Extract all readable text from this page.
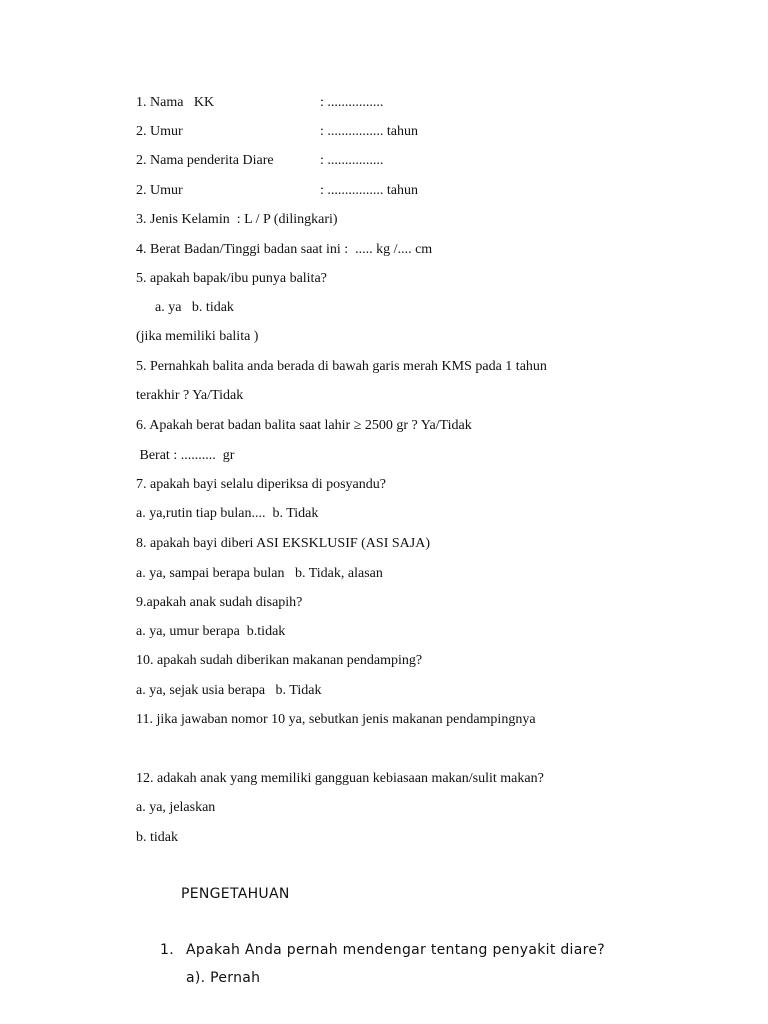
1. Nama   KK	: ................
2. Umur	: ................ tahun
2. Nama penderita Diare	: ................
2. Umur	: ................ tahun
3. Jenis Kelamin  : L / P (dilingkari)
4. Berat Badan/Tinggi badan saat ini :  ..... kg /.... cm
5. apakah bapak/ibu punya balita?
a. ya   b. tidak
(jika memiliki balita )
5. Pernahkah balita anda berada di bawah garis merah KMS pada 1 tahun
terakhir ? Ya/Tidak
6. Apakah berat badan balita saat lahir ≥ 2500 gr ? Ya/Tidak
Berat : ..........  gr
7. apakah bayi selalu diperiksa di posyandu?
a. ya,rutin tiap bulan....  b. Tidak
8. apakah bayi diberi ASI EKSKLUSIF (ASI SAJA)
a. ya, sampai berapa bulan   b. Tidak, alasan
9.apakah anak sudah disapih?
a. ya, umur berapa  b.tidak
10. apakah sudah diberikan makanan pendamping?
a. ya, sejak usia berapa   b. Tidak
11. jika jawaban nomor 10 ya, sebutkan jenis makanan pendampingnya
12. adakah anak yang memiliki gangguan kebiasaan makan/sulit makan?
a. ya, jelaskan
b. tidak
PENGETAHUAN
1. Apakah Anda pernah mendengar tentang penyakit diare?
a). Pernah
